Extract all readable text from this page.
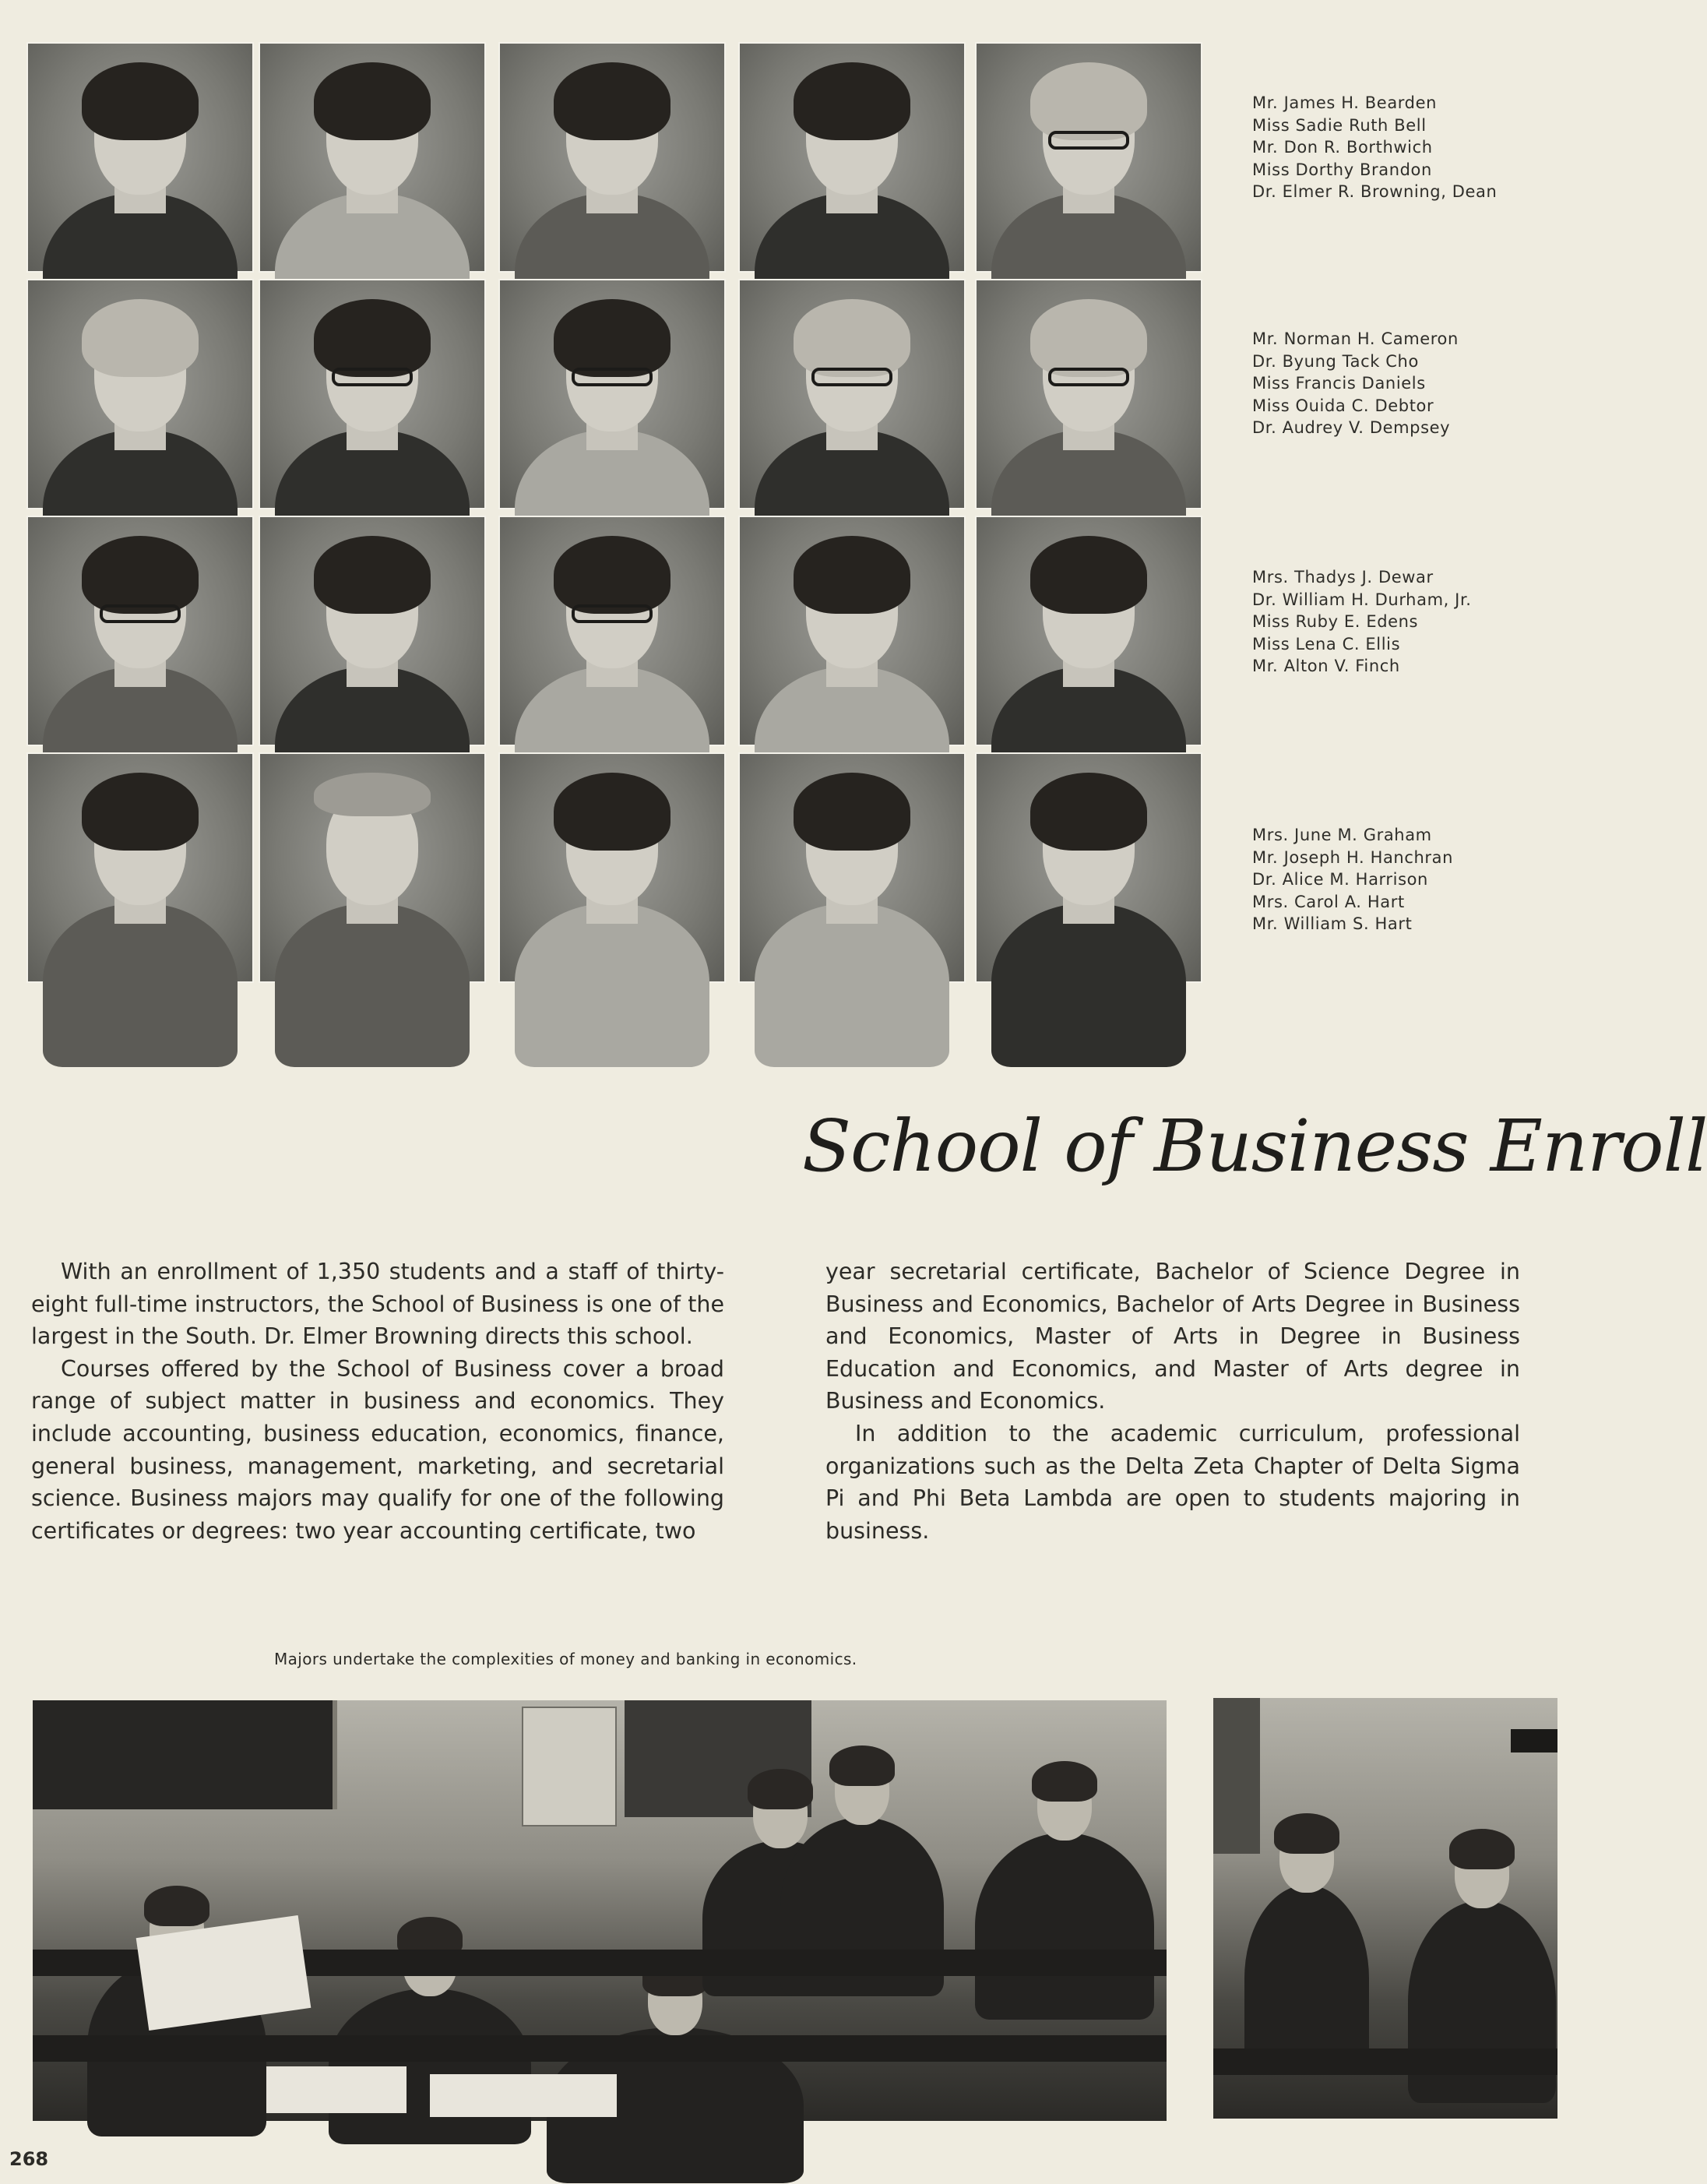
Mr. James H. Bearden
Miss Sadie Ruth Bell
Mr. Don R. Borthwich
Miss Dorthy Brandon
Dr. Elmer R. Browning, Dean
Mr. Norman H. Cameron
Dr. Byung Tack Cho
Miss Francis Daniels
Miss Ouida C. Debtor
Dr. Audrey V. Dempsey
Mrs. Thadys J. Dewar
Dr. William H. Durham, Jr.
Miss Ruby E. Edens
Miss Lena C. Ellis
Mr. Alton V. Finch
Mrs. June M. Graham
Mr. Joseph H. Hanchran
Dr. Alice M. Harrison
Mrs. Carol A. Hart
Mr. William S. Hart
School of Business Enroll

With an enrollment of 1,350 students and a staff of thirty-eight full-time instructors, the School of Business is one of the largest in the South. Dr. Elmer Browning directs this school.

Courses offered by the School of Business cover a broad range of subject matter in business and economics. They include accounting, business education, economics, finance, general business, management, marketing, and secretarial science. Business majors may qualify for one of the following certificates or degrees: two year accounting certificate, two

year secretarial certificate, Bachelor of Science Degree in Business and Economics, Bachelor of Arts Degree in Business and Economics, Master of Arts in Degree in Business Education and Economics, and Master of Arts degree in Business and Economics.

In addition to the academic curriculum, professional organizations such as the Delta Zeta Chapter of Delta Sigma Pi and Phi Beta Lambda are open to students majoring in business.

Majors undertake the complexities of money and banking in economics.

268
